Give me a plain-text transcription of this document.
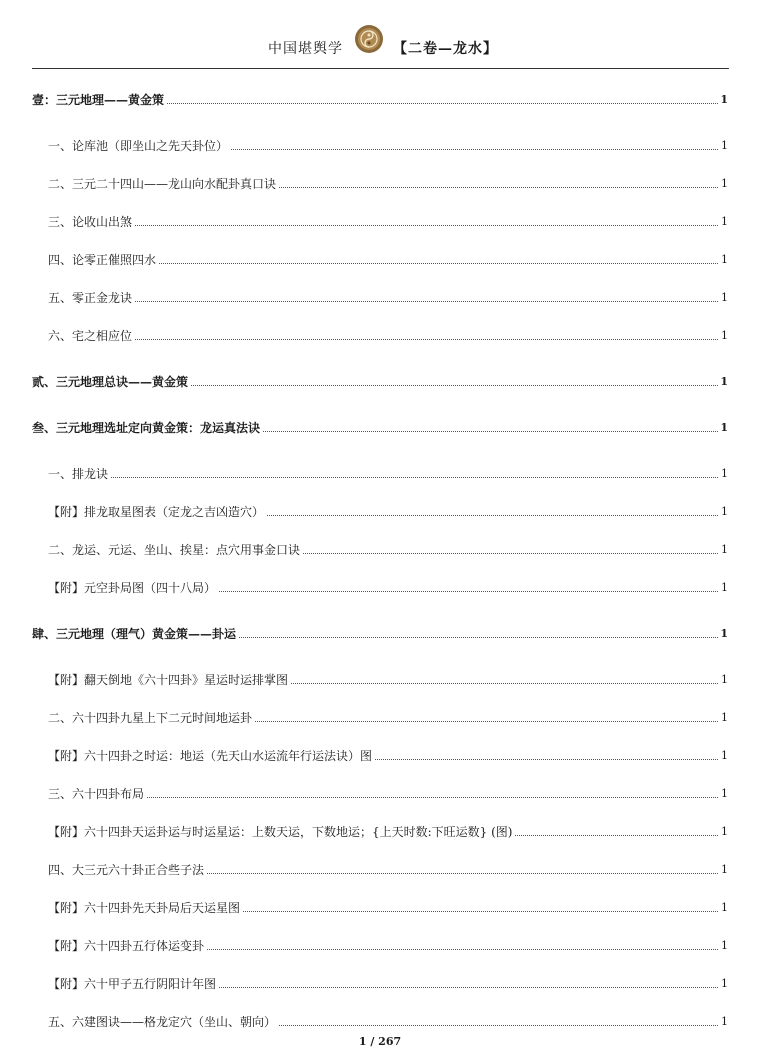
中国堪舆学	【二卷—龙水】
壹：三元地理——黄金策	1
一、论库池（即坐山之先天卦位）	1
二、三元二十四山——龙山向水配卦真口诀	1
三、论收山出煞	1
四、论零正催照四水	1
五、零正金龙诀	1
六、宅之相应位	1
贰、三元地理总诀——黄金策	1
叁、三元地理选址定向黄金策：龙运真法诀	1
一、排龙诀	1
【附】排龙取星图表（定龙之吉凶造穴）	1
二、龙运、元运、坐山、挨星：点穴用事金口诀	1
【附】元空卦局图（四十八局）	1
肆、三元地理（理气）黄金策——卦运	1
【附】翻天倒地《六十四卦》星运时运排掌图	1
二、六十四卦九星上下二元时间地运卦	1
【附】六十四卦之时运：地运（先天山水运流年行运法诀）图	1
三、六十四卦布局	1
【附】六十四卦天运卦运与时运星运：上数天运，下数地运；{上天时数:下旺运数} (图)	1
四、大三元六十卦正合些子法	1
【附】六十四卦先天卦局后天运星图	1
【附】六十四卦五行体运变卦	1
【附】六十甲子五行阴阳计年图	1
五、六建图诀——格龙定穴（坐山、朝向）	1
1 / 267
